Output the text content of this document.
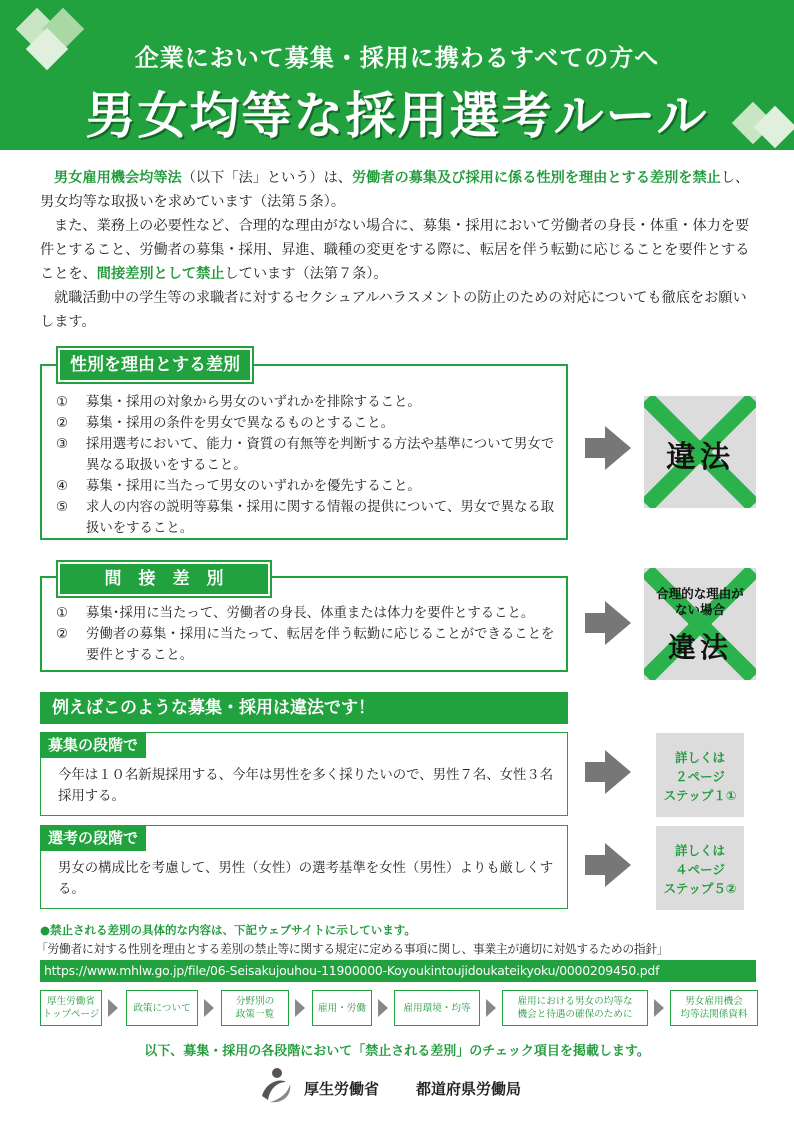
企業において募集・採用に携わるすべての方へ
男女均等な採用選考ルール

男女雇用機会均等法（以下「法」という）は、労働者の募集及び採用に係る性別を理由とする差別を禁止し、男女均等な取扱いを求めています（法第５条）。

また、業務上の必要性など、合理的な理由がない場合に、募集・採用において労働者の身長・体重・体力を要件とすること、労働者の募集・採用、昇進、職種の変更をする際に、転居を伴う転勤に応じることを要件とすることを、間接差別として禁止しています（法第７条）。

就職活動中の学生等の求職者に対するセクシュアルハラスメントの防止のための対応についても徹底をお願いします。

性別を理由とする差別
①	募集・採用の対象から男女のいずれかを排除すること。
②	募集・採用の条件を男女で異なるものとすること。
③	採用選考において、能力・資質の有無等を判断する方法や基準について男女で異なる取扱いをすること。
④	募集・採用に当たって男女のいずれかを優先すること。
⑤	求人の内容の説明等募集・採用に関する情報の提供について、男女で異なる取扱いをすること。
違法
間　接　差　別
①	募集･採用に当たって、労働者の身長、体重または体力を要件とすること。
②	労働者の募集・採用に当たって、転居を伴う転勤に応じることができることを要件とすること。
合理的な理由が
ない場合
違法
例えばこのような募集・採用は違法です！
募集の段階で
今年は１０名新規採用する、今年は男性を多く採りたいので、男性７名、女性３名採用する。
詳しくは
２ページ
ステップ１①
選考の段階で
男女の構成比を考慮して、男性（女性）の選考基準を女性（男性）よりも厳しくする。
詳しくは
４ページ
ステップ５②
●禁止される差別の具体的な内容は、下記ウェブサイトに示しています。
「労働者に対する性別を理由とする差別の禁止等に関する規定に定める事項に関し、事業主が適切に対処するための指針」
https://www.mhlw.go.jp/file/06-Seisakujouhou-11900000-Koyoukintoujidoukateikyoku/0000209450.pdf
厚生労働省
トップページ
政策について
分野別の
政策一覧
雇用・労働	雇用環境・均等
雇用における男女の均等な
機会と待遇の確保のために
男女雇用機会
均等法関係資料
以下、募集・採用の各段階において「禁止される差別」のチェック項目を掲載します。
厚生労働省 都道府県労働局
